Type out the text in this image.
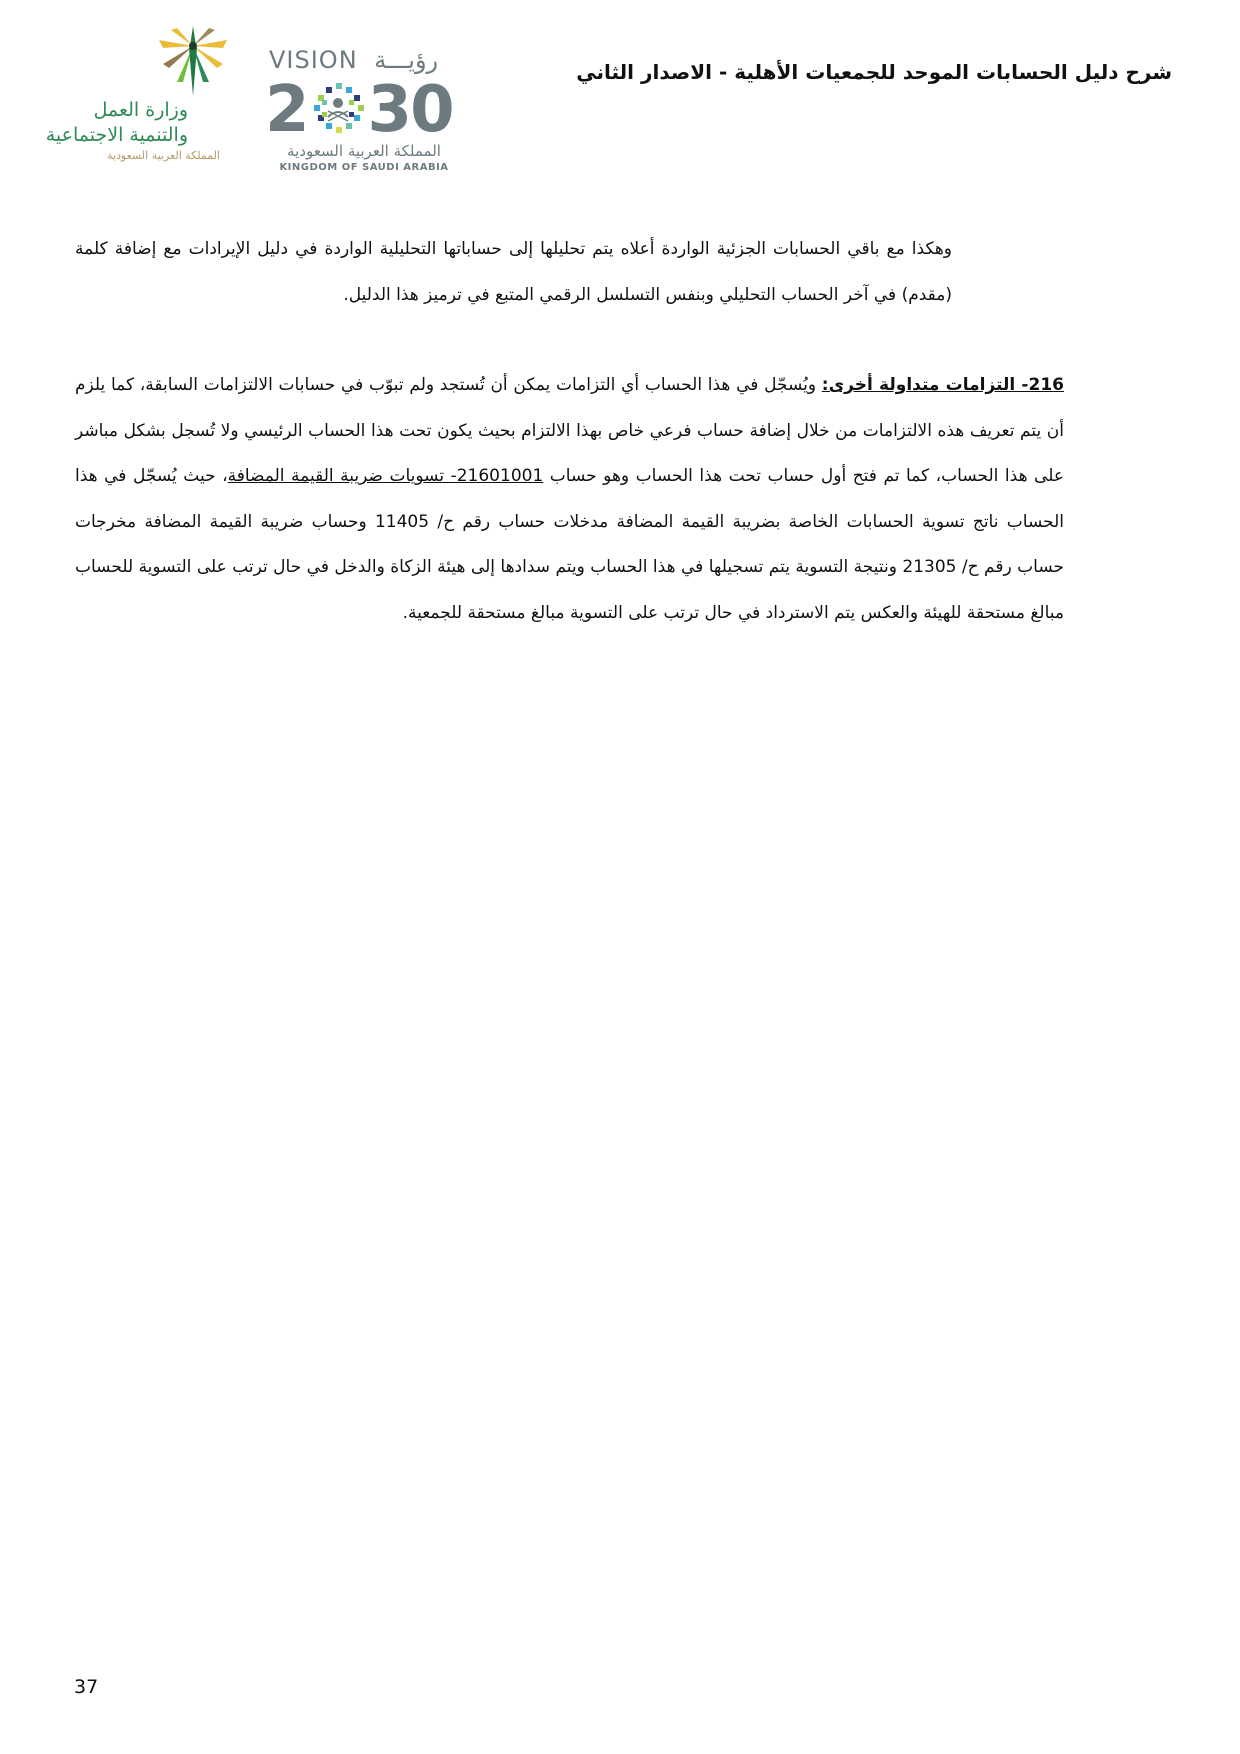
شرح دليل الحسابات الموحد للجمعيات الأهلية - الاصدار الثاني
وزارة العمل
والتنمية الاجتماعية
المملكة العربية السعودية
VISION رؤيـــة
2 30
المملكة العربية السعودية
KINGDOM OF SAUDI ARABIA

وهكذا مع باقي الحسابات الجزئية الواردة أعلاه يتم تحليلها إلى حساباتها التحليلية الواردة في دليل الإيرادات مع إضافة كلمة (مقدم) في آخر الحساب التحليلي وبنفس التسلسل الرقمي المتبع في ترميز هذا الدليل.

216- التزامات متداولة أخرى: ويُسجّل في هذا الحساب أي التزامات يمكن أن تُستجد ولم تبوّب في حسابات الالتزامات السابقة، كما يلزم أن يتم تعريف هذه الالتزامات من خلال إضافة حساب فرعي خاص بهذا الالتزام بحيث يكون تحت هذا الحساب الرئيسي ولا تُسجل بشكل مباشر على هذا الحساب، كما تم فتح أول حساب تحت هذا الحساب وهو حساب 21601001- تسويات ضريبة القيمة المضافة، حيث يُسجّل في هذا الحساب ناتج تسوية الحسابات الخاصة بضريبة القيمة المضافة مدخلات حساب رقم ح/ 11405 وحساب ضريبة القيمة المضافة مخرجات حساب رقم ح/ 21305 ونتيجة التسوية يتم تسجيلها في هذا الحساب ويتم سدادها إلى هيئة الزكاة والدخل في حال ترتب على التسوية للحساب مبالغ مستحقة للهيئة والعكس يتم الاسترداد في حال ترتب على التسوية مبالغ مستحقة للجمعية.

37
